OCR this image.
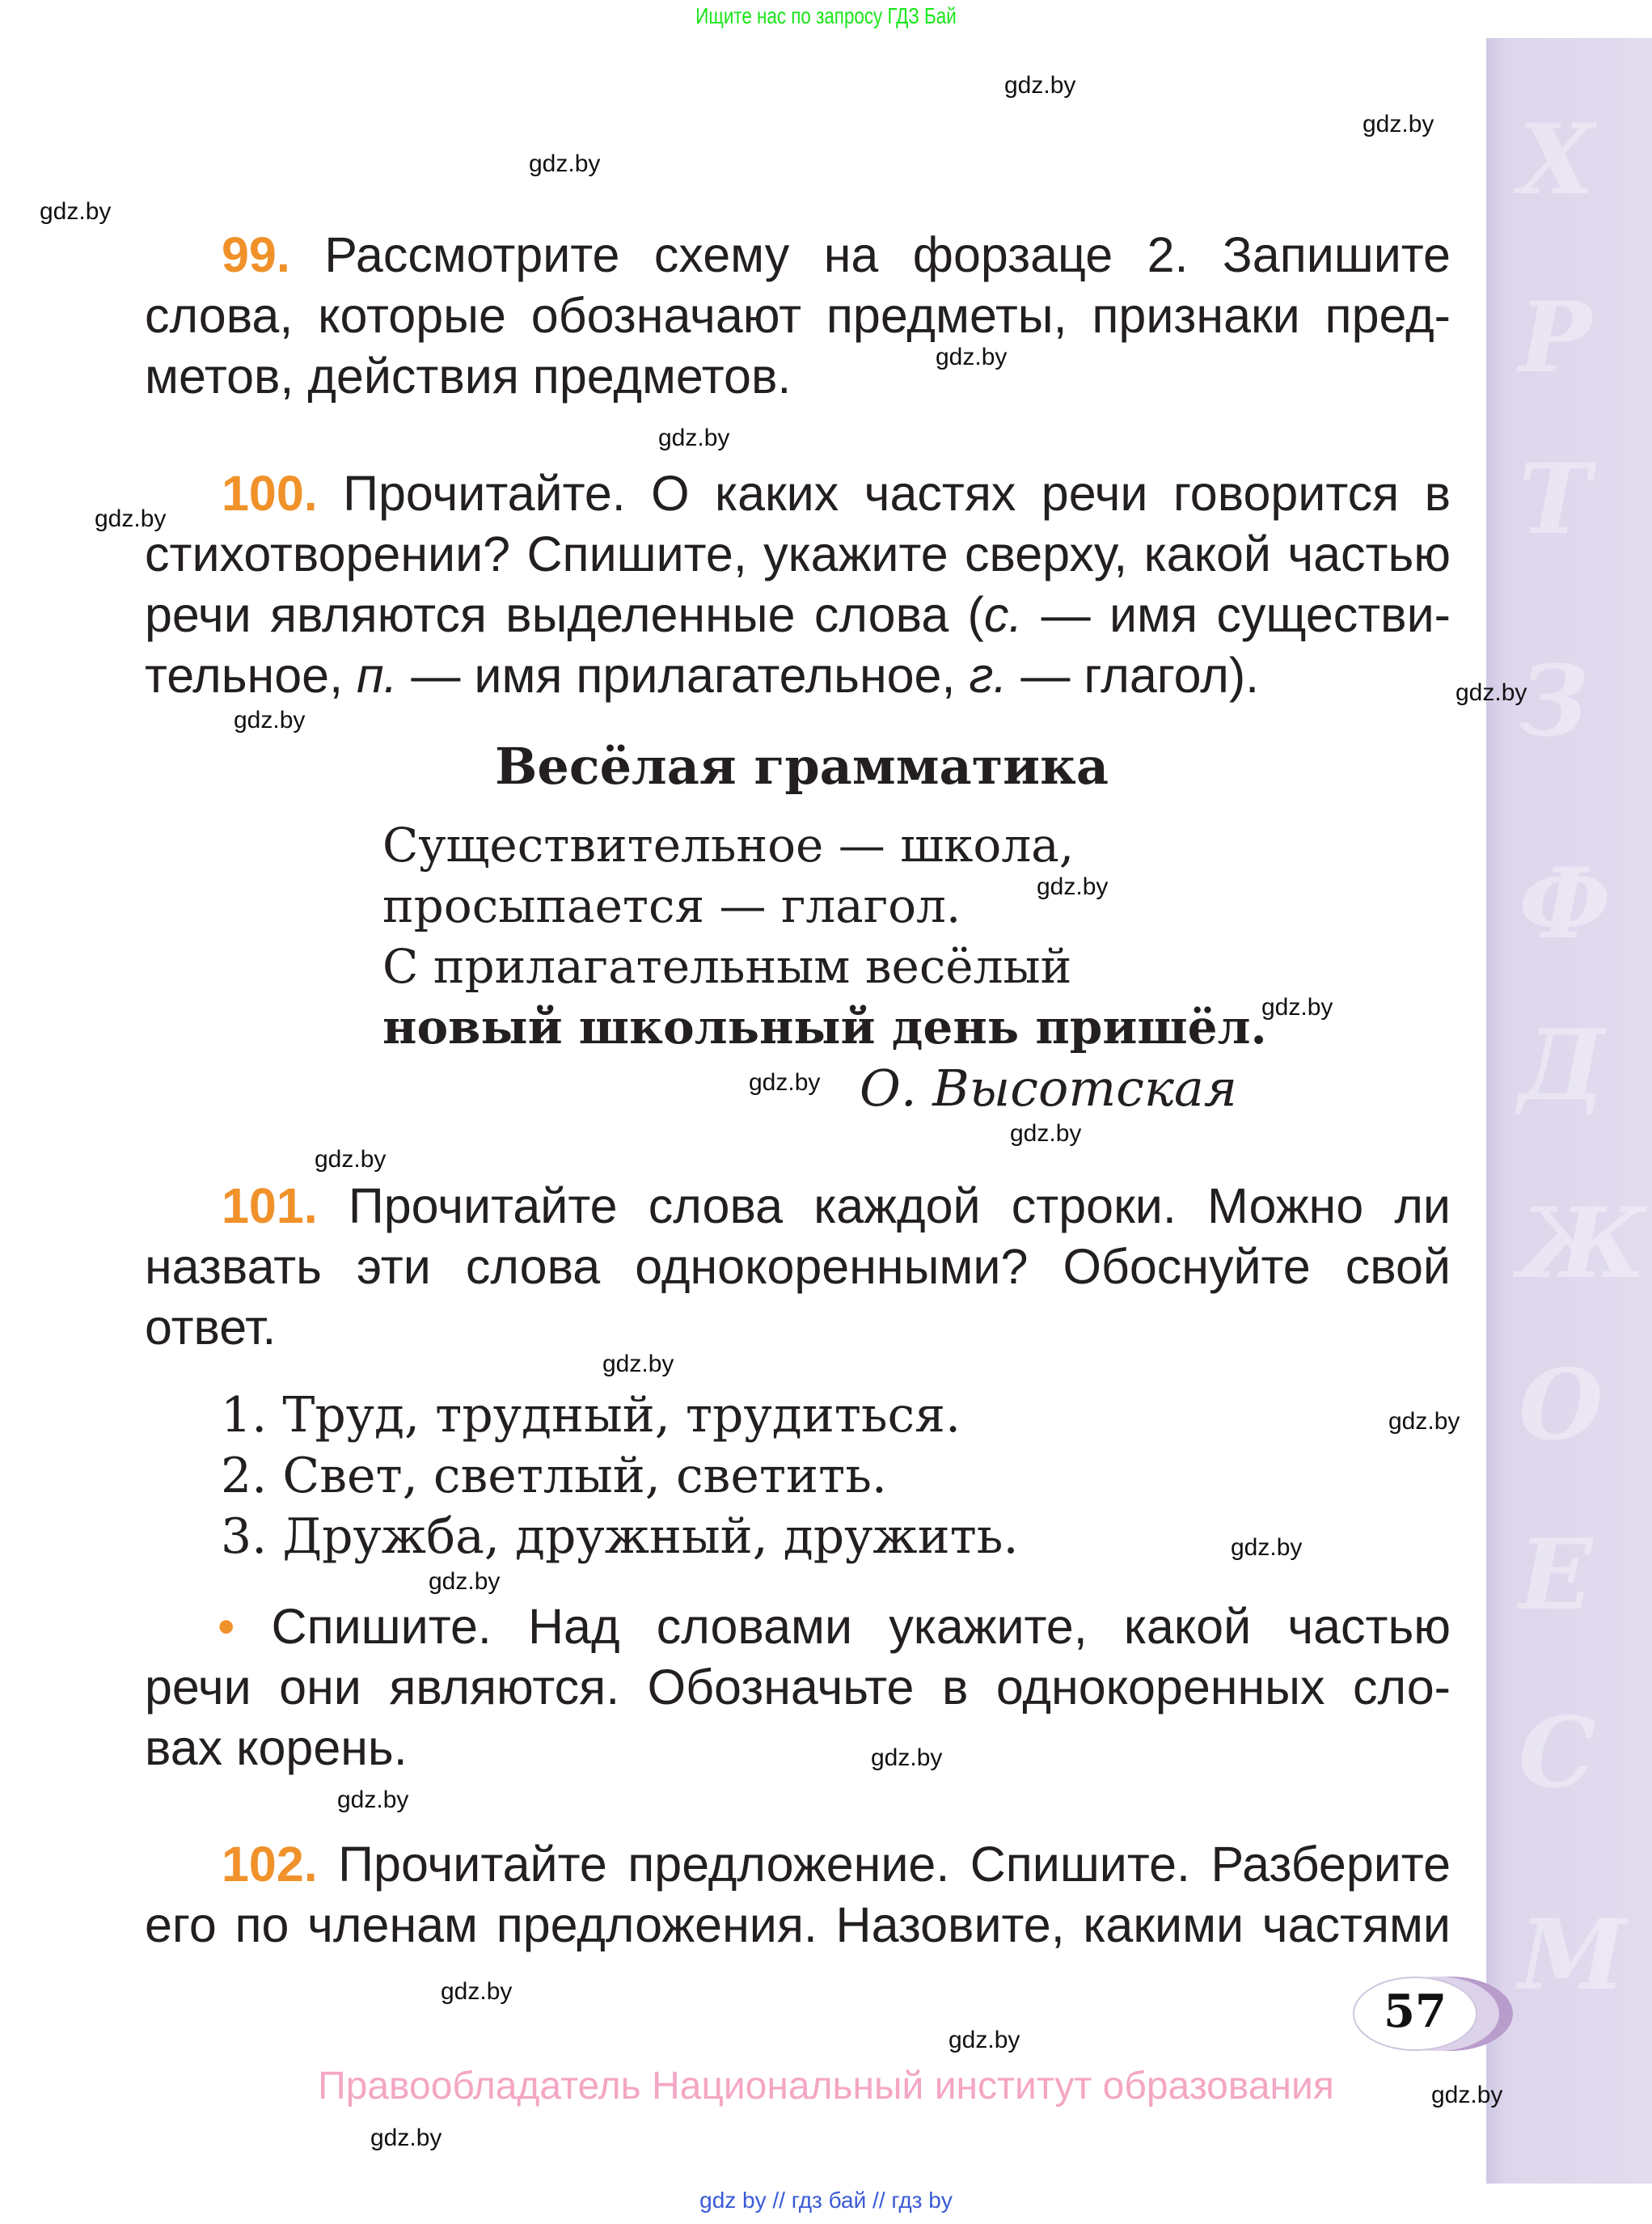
Ищите нас по запросу ГДЗ Бай
Х
Р
Т
З
Ф
Д
Ж
О
Е
С
М
gdz.by
gdz.by
gdz.by
gdz.by
gdz.by
gdz.by
gdz.by
gdz.by
gdz.by
gdz.by
gdz.by
gdz.by
gdz.by
gdz.by
gdz.by
gdz.by
gdz.by
gdz.by
gdz.by
gdz.by
gdz.by
gdz.by
gdz.by
gdz.by
99. Рассмотрите схему на форзаце 2. Запишите
слова, которые обозначают предметы, признаки пред-
метов, действия предметов.
100. Прочитайте. О каких частях речи говорится в
стихотворении? Спишите, укажите сверху, какой частью
речи являются выделенные слова (с. — имя существи-
тельное, п. — имя прилагательное, г. — глагол).
Весёлая грамматика
Существительное — школа,
просыпается — глагол.
С прилагательным весёлый
новый школьный день пришёл.
О. Высотская
101. Прочитайте слова каждой строки. Можно ли
назвать эти слова однокоренными? Обоснуйте свой
ответ.
1. Труд, трудный, трудиться.
2. Свет, светлый, светить.
3. Дружба, дружный, дружить.
• Спишите. Над словами укажите, какой частью
речи они являются. Обозначьте в однокоренных сло-
вах корень.
102. Прочитайте предложение. Спишите. Разберите
его по членам предложения. Назовите, какими частями
57
Правообладатель Национальный институт образования
gdz by // гдз бай // гдз by
